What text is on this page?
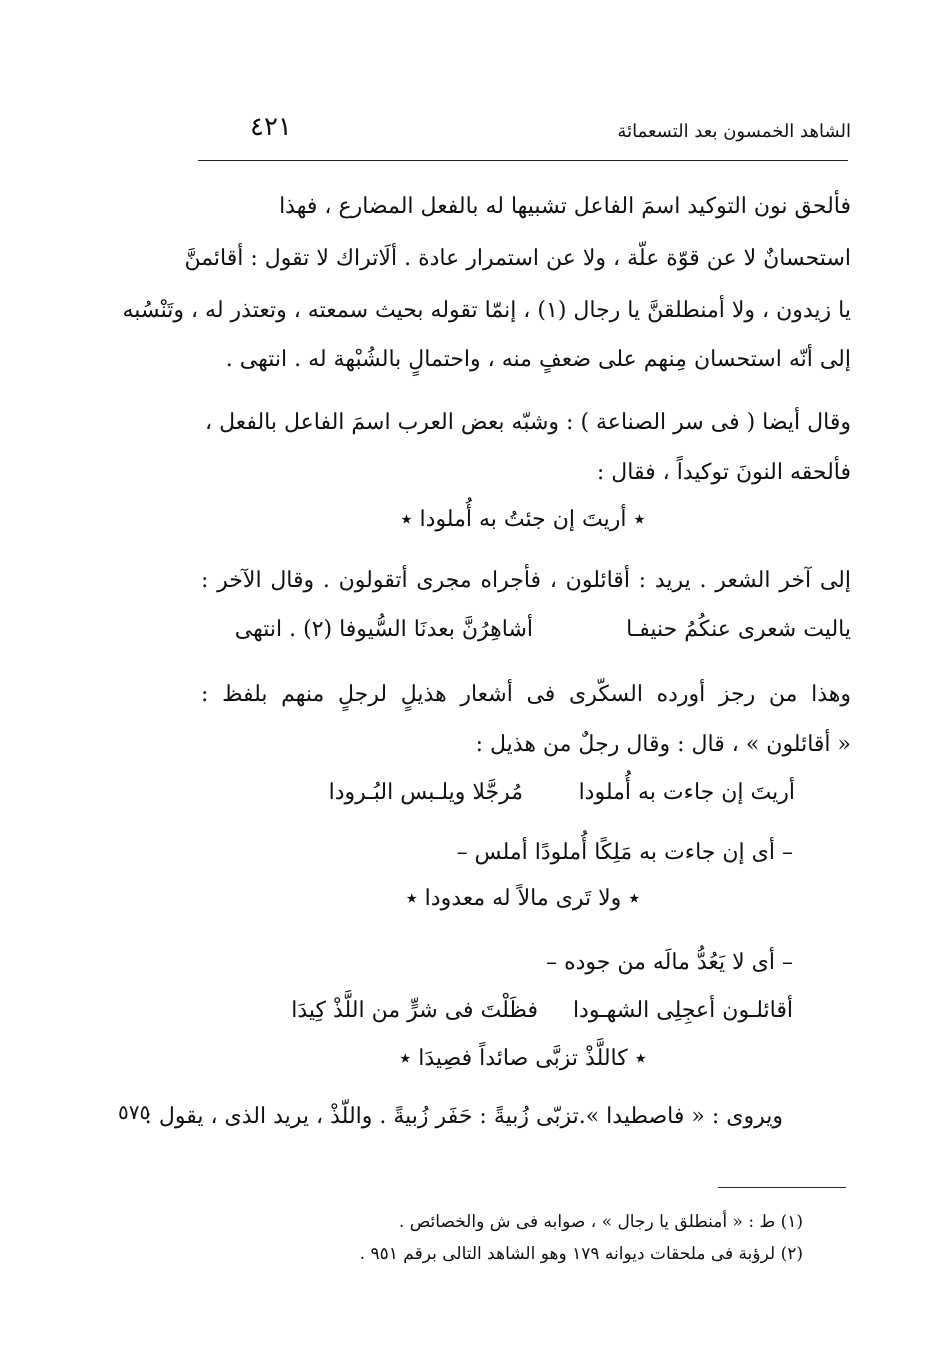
٤٢١	الشاهد الخمسون بعد التسعمائة
فألحق نون التوكيد اسمَ الفاعل تشبيها له بالفعل المضارع ، فهذا
استحسانٌ لا عن قوّة علّة ، ولا عن استمرار عادة . ألَاتراك لا تقول : أقائمنَّ
يا زيدون ، ولا أمنطلقنَّ يا رجال (١) ، إنمّا تقوله بحيث سمعته ، وتعتذر له ، وتَنْسُبه
إلى أنّه استحسان مِنهم على ضعفٍ منه ، واحتمالٍ بالشُبْهة له . انتهى .
وقال أيضا ( فى سر الصناعة ) : وشبّه بعض العرب اسمَ الفاعل بالفعل ،
فألحقه النونَ توكيداً ، فقال :
٭ أريتَ إن جئتُ به أُملودا ٭
إلى آخر الشعر . يريد : أقائلون ، فأجراه مجرى أتقولون . وقال الآخر :
ياليت شعرى عنكُمُ حنيفـا
أشاهِرُنَّ بعدنَا السُّيوفا (٢) . انتهى
وهذا من رجز أورده السكّرى فى أشعار هذيلٍ لرجلٍ منهم بلفظ :
« أقائلون » ، قال : وقال رجلٌ من هذيل :
أريتَ إن جاءت به أُملودا
مُرجَّلا ويلـبس البُـرودا
– أى إن جاءت به مَلِكًا أُملودًا أملس –
٭ ولا تَرى مالاً له معدودا ٭
– أى لا يَعُدُّ مالَه من جوده –
أقائلـون أعجِلِى الشهـودا
فظَلْتَ فى شرٍّ من اللَّذْ كِيدَا
٭ كاللَّذْ تزبَّى صائداً فصِيدَا ٭
ويروى : « فاصطيدا ».تزبّى زُبيةً : حَفَر زُبيةً . واللّذْ ، يريد الذى ، يقول :
٥٧٥
(١) ط : « أمنطلق يا رجال » ، صوابه فى ش والخصائص .
(٢) لرؤبة فى ملحقات ديوانه ١٧٩ وهو الشاهد التالى برقم ٩٥١ .
